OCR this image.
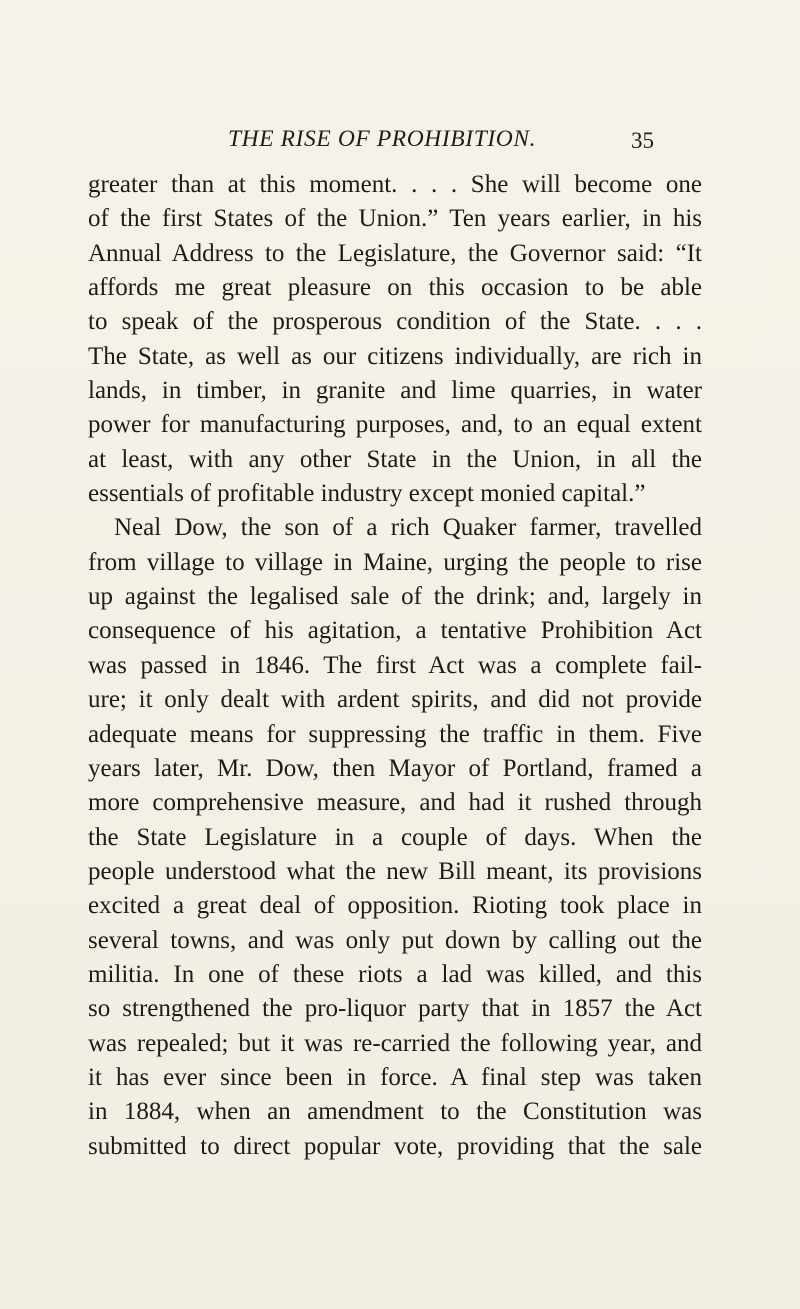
THE RISE OF PROHIBITION.	35
greater than at this moment. . . . She will become one
of the first States of the Union.” Ten years earlier, in his
Annual Address to the Legislature, the Governor said: “It
affords me great pleasure on this occasion to be able
to speak of the prosperous condition of the State. . . .
The State, as well as our citizens individually, are rich in
lands, in timber, in granite and lime quarries, in water
power for manufacturing purposes, and, to an equal extent
at least, with any other State in the Union, in all the
essentials of profitable industry except monied capital.”
Neal Dow, the son of a rich Quaker farmer, travelled
from village to village in Maine, urging the people to rise
up against the legalised sale of the drink; and, largely in
consequence of his agitation, a tentative Prohibition Act
was passed in 1846. The first Act was a complete fail-
ure; it only dealt with ardent spirits, and did not provide
adequate means for suppressing the traffic in them. Five
years later, Mr. Dow, then Mayor of Portland, framed a
more comprehensive measure, and had it rushed through
the State Legislature in a couple of days. When the
people understood what the new Bill meant, its provisions
excited a great deal of opposition. Rioting took place in
several towns, and was only put down by calling out the
militia. In one of these riots a lad was killed, and this
so strengthened the pro-liquor party that in 1857 the Act
was repealed; but it was re-carried the following year, and
it has ever since been in force. A final step was taken
in 1884, when an amendment to the Constitution was
submitted to direct popular vote, providing that the sale
